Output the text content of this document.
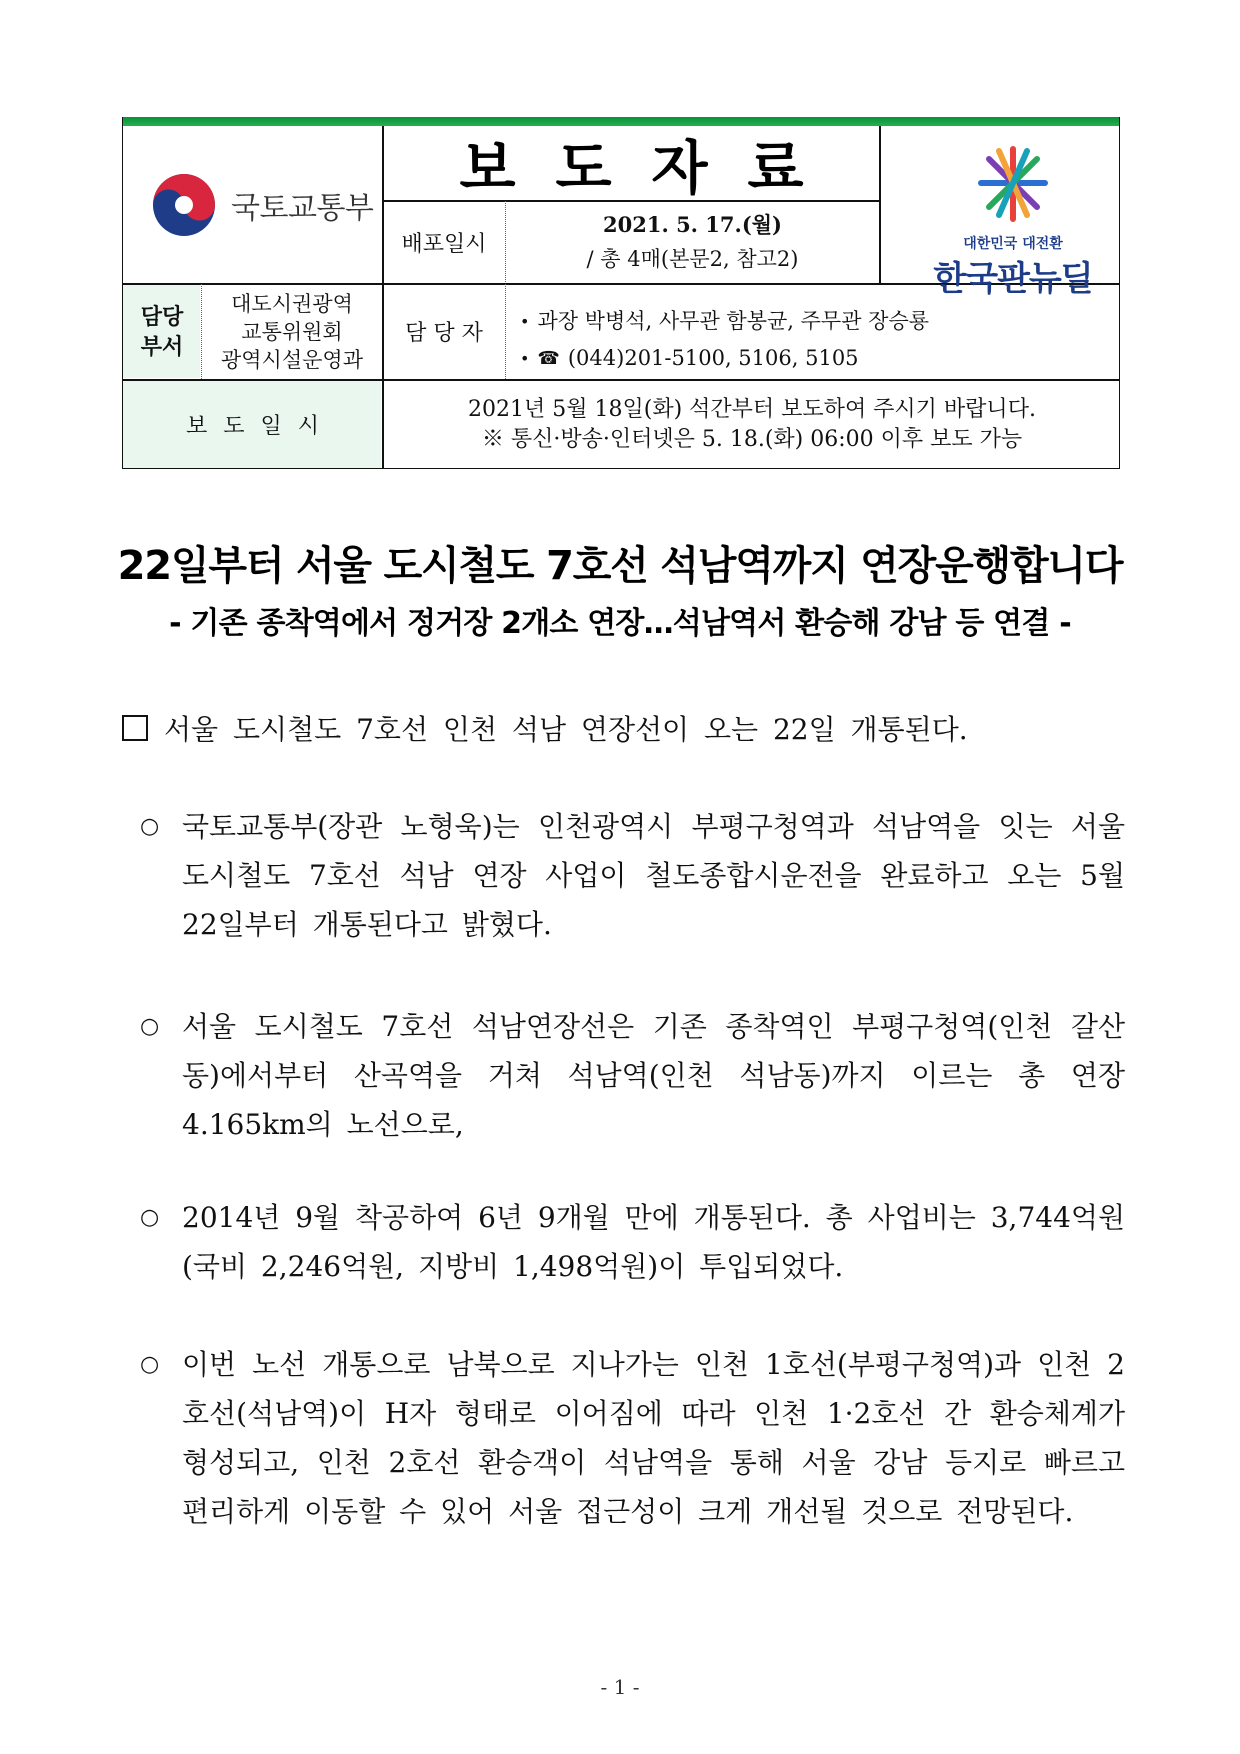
국토교통부
보도자료
배포일시
2021. 5. 17.(월)
/ 총 4매(본문2, 참고2)
대한민국 대전환
한국판뉴딜
담당
부서
대도시권광역
교통위원회
광역시설운영과
담 당 자
보도일시
2021년 5월 18일(화) 석간부터 보도하여 주시기 바랍니다.
※ 통신·방송·인터넷은 5. 18.(화) 06:00 이후 보도 가능
• 과장 박병석, 사무관 함봉균, 주무관 장승룡
• ☎ (044)201-5100, 5106, 5105
22일부터 서울 도시철도 7호선 석남역까지 연장운행합니다
- 기존 종착역에서 정거장 2개소 연장…석남역서 환승해 강남 등 연결 -
서울 도시철도 7호선 인천 석남 연장선이 오는 22일 개통된다.
○ 국토교통부(장관 노형욱)는 인천광역시 부평구청역과 석남역을 잇는 서울 도시철도 7호선 석남 연장 사업이 철도종합시운전을 완료하고 오는 5월 22일부터 개통된다고 밝혔다.
○ 서울 도시철도 7호선 석남연장선은 기존 종착역인 부평구청역(인천 갈산동)에서부터 산곡역을 거쳐 석남역(인천 석남동)까지 이르는 총 연장 4.165km의 노선으로,
○ 2014년 9월 착공하여 6년 9개월 만에 개통된다. 총 사업비는 3,744억원(국비 2,246억원, 지방비 1,498억원)이 투입되었다.
○ 이번 노선 개통으로 남북으로 지나가는 인천 1호선(부평구청역)과 인천 2호선(석남역)이 H자 형태로 이어짐에 따라 인천 1·2호선 간 환승체계가 형성되고, 인천 2호선 환승객이 석남역을 통해 서울 강남 등지로 빠르고 편리하게 이동할 수 있어 서울 접근성이 크게 개선될 것으로 전망된다.
- 1 -
